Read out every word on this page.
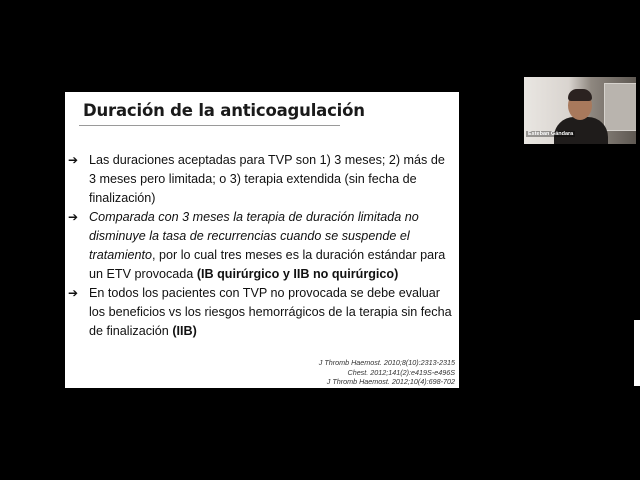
Duración de la anticoagulación
➔ Las duraciones aceptadas para TVP son 1) 3 meses; 2) más de 3 meses pero limitada; o 3) terapia extendida (sin fecha de finalización)
➔ Comparada con 3 meses la terapia de duración limitada no disminuye la tasa de recurrencias cuando se suspende el tratamiento, por lo cual tres meses es la duración estándar para un ETV provocada (IB quirúrgico y IIB no quirúrgico)
➔ En todos los pacientes con TVP no provocada se debe evaluar los beneficios vs los riesgos hemorrágicos de la terapia sin fecha de finalización (IIB)
J Thromb Haemost. 2010;8(10):2313-2315
Chest. 2012;141(2):e419S-e496S
J Thromb Haemost. 2012;10(4):698-702
Esteban Gándara
